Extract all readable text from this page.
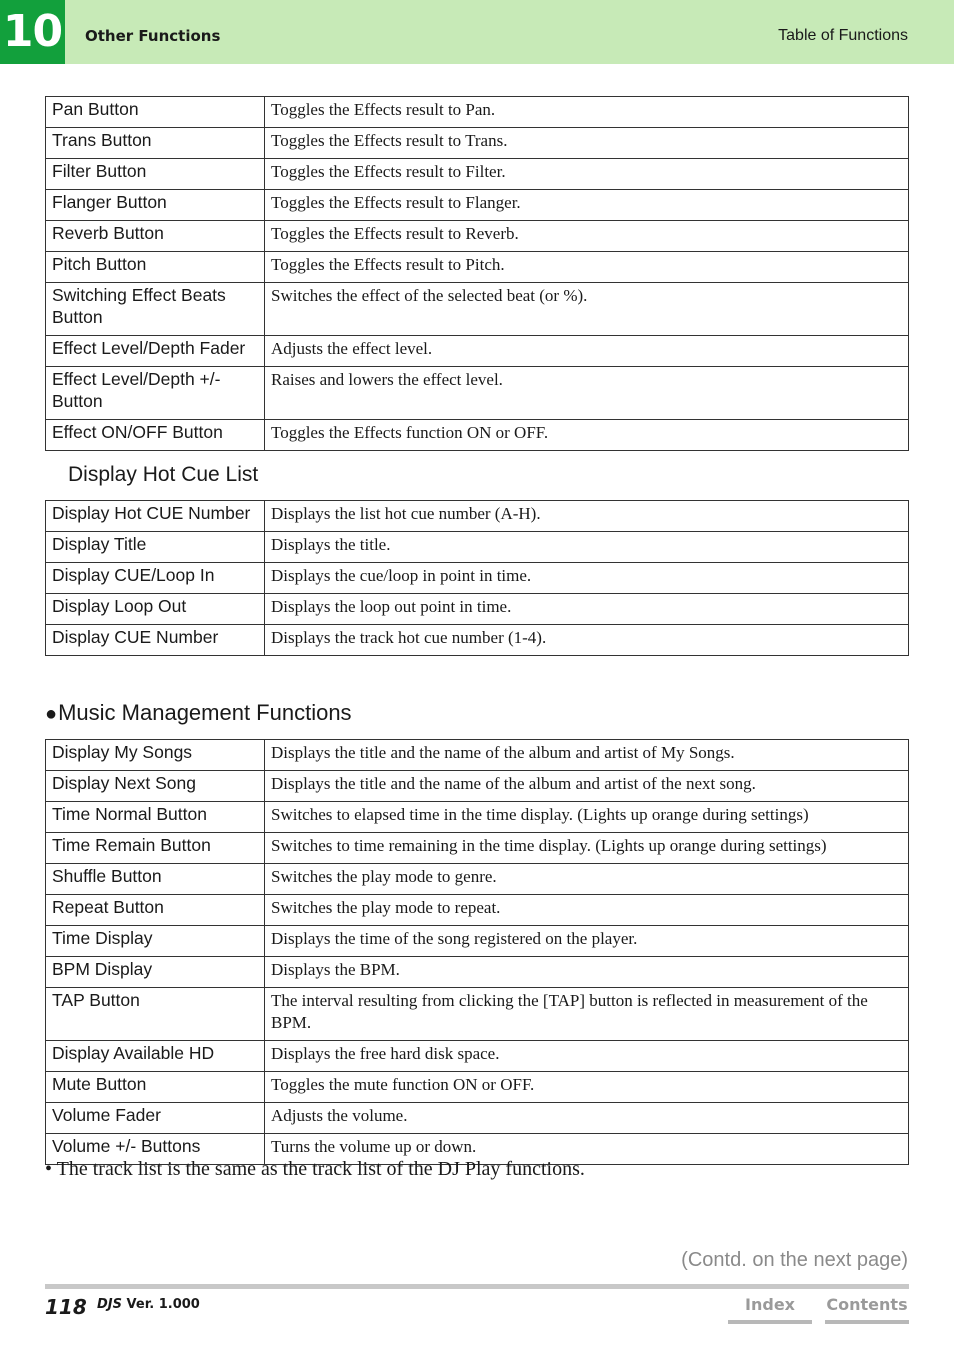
10 Other Functions	Table of Functions
Pan Button	Toggles the Effects result to Pan.
Trans Button	Toggles the Effects result to Trans.
Filter Button	Toggles the Effects result to Filter.
Flanger Button	Toggles the Effects result to Flanger.
Reverb Button	Toggles the Effects result to Reverb.
Pitch Button	Toggles the Effects result to Pitch.
Switching Effect Beats Button	Switches the effect of the selected beat (or %).
Effect Level/Depth Fader	Adjusts the effect level.
Effect Level/Depth +/- Button	Raises and lowers the effect level.
Effect ON/OFF Button	Toggles the Effects function ON or OFF.
Display Hot Cue List
Display Hot CUE Number	Displays the list hot cue number (A-H).
Display Title	Displays the title.
Display CUE/Loop In	Displays the cue/loop in point in time.
Display Loop Out	Displays the loop out point in time.
Display CUE Number	Displays the track hot cue number (1-4).
●Music Management Functions
Display My Songs	Displays the title and the name of the album and artist of My Songs.
Display Next Song	Displays the title and the name of the album and artist of the next song.
Time Normal Button	Switches to elapsed time in the time display. (Lights up orange during settings)
Time Remain Button	Switches to time remaining in the time display. (Lights up orange during settings)
Shuffle Button	Switches the play mode to genre.
Repeat Button	Switches the play mode to repeat.
Time Display	Displays the time of the song registered on the player.
BPM Display	Displays the BPM.
TAP Button	The interval resulting from clicking the [TAP] button is reflected in measurement of the BPM.
Display Available HD	Displays the free hard disk space.
Mute Button	Toggles the mute function ON or OFF.
Volume Fader	Adjusts the volume.
Volume +/- Buttons	Turns the volume up or down.
• The track list is the same as the track list of the DJ Play functions.
(Contd. on the next page)
118 DJS Ver. 1.000	Index	Contents
